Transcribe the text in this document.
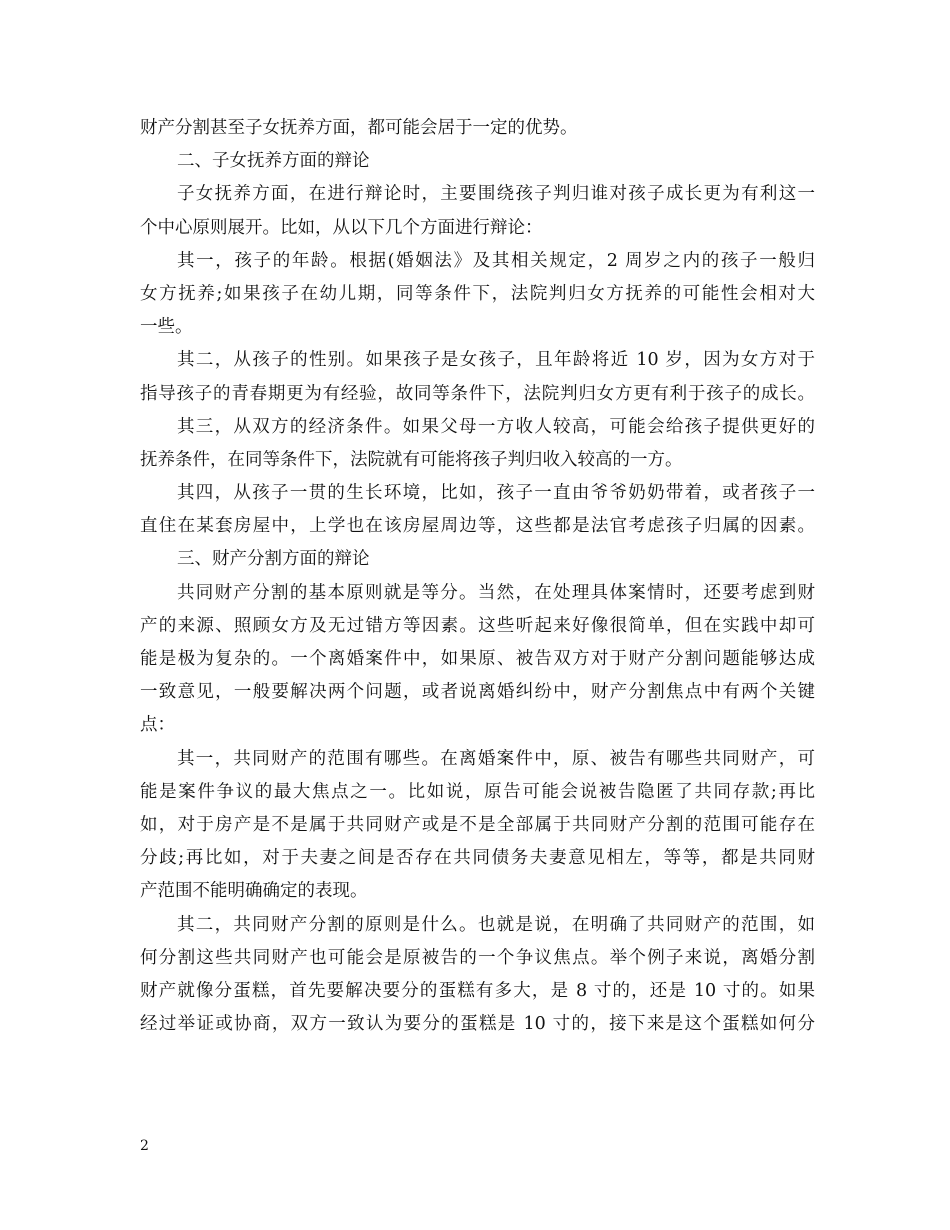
财产分割甚至子女抚养方面，都可能会居于一定的优势。
二、子女抚养方面的辩论
子女抚养方面，在进行辩论时，主要围绕孩子判归谁对孩子成长更为有利这一
个中心原则展开。比如，从以下几个方面进行辩论：
其一，孩子的年龄。根据(婚姻法》及其相关规定，2 周岁之内的孩子一般归
女方抚养;如果孩子在幼儿期，同等条件下，法院判归女方抚养的可能性会相对大
一些。
其二，从孩子的性别。如果孩子是女孩子，且年龄将近 10 岁，因为女方对于
指导孩子的青春期更为有经验，故同等条件下，法院判归女方更有利于孩子的成长。
其三，从双方的经济条件。如果父母一方收人较高，可能会给孩子提供更好的
抚养条件，在同等条件下，法院就有可能将孩子判归收入较高的一方。
其四，从孩子一贯的生长环境，比如，孩子一直由爷爷奶奶带着，或者孩子一
直住在某套房屋中，上学也在该房屋周边等，这些都是法官考虑孩子归属的因素。
三、财产分割方面的辩论
共同财产分割的基本原则就是等分。当然，在处理具体案情时，还要考虑到财
产的来源、照顾女方及无过错方等因素。这些听起来好像很简单，但在实践中却可
能是极为复杂的。一个离婚案件中，如果原、被告双方对于财产分割问题能够达成
一致意见，一般要解决两个问题，或者说离婚纠纷中，财产分割焦点中有两个关键
点：
其一，共同财产的范围有哪些。在离婚案件中，原、被告有哪些共同财产，可
能是案件争议的最大焦点之一。比如说，原告可能会说被告隐匿了共同存款;再比
如，对于房产是不是属于共同财产或是不是全部属于共同财产分割的范围可能存在
分歧;再比如，对于夫妻之间是否存在共同债务夫妻意见相左，等等，都是共同财
产范围不能明确确定的表现。
其二，共同财产分割的原则是什么。也就是说，在明确了共同财产的范围，如
何分割这些共同财产也可能会是原被告的一个争议焦点。举个例子来说，离婚分割
财产就像分蛋糕，首先要解决要分的蛋糕有多大，是 8 寸的，还是 10 寸的。如果
经过举证或协商，双方一致认为要分的蛋糕是 10 寸的，接下来是这个蛋糕如何分
2
